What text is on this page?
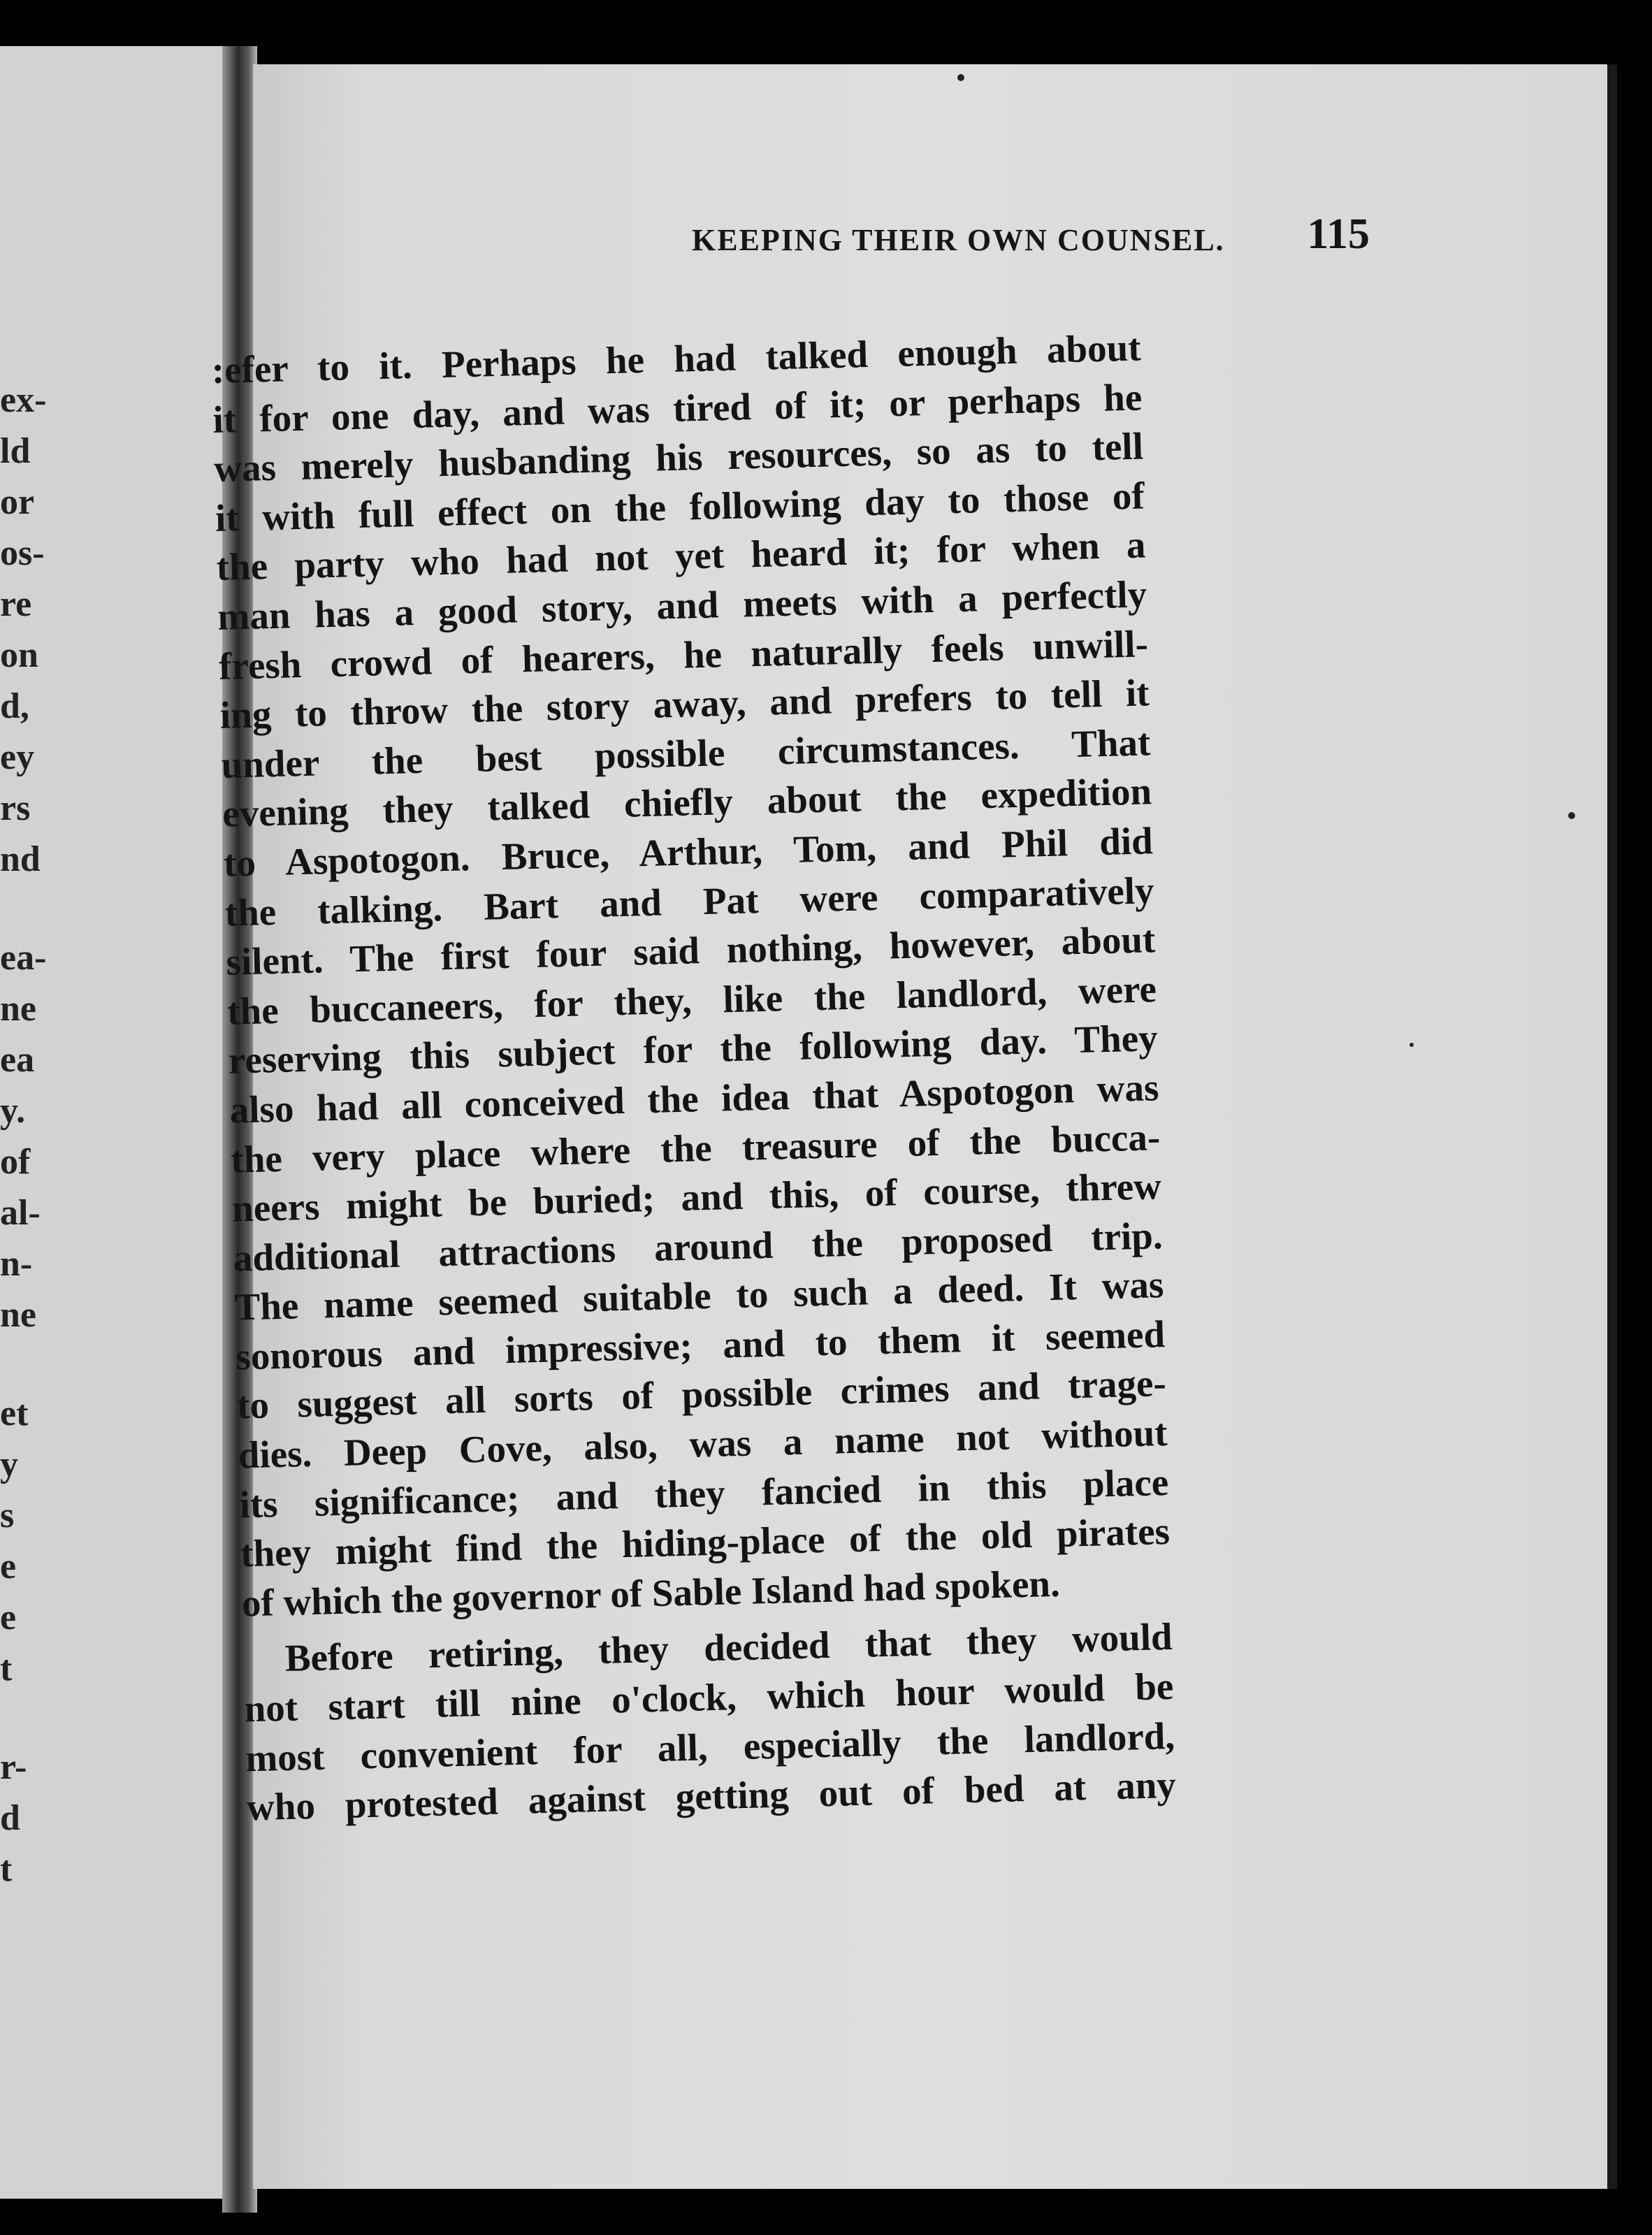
ex-
ld
or
os-
re
on
d,
ey
rs
nd
ea-
ne
ea
y.
of
al-
n-
ne
et
y
s
e
e
t
r-
d
t
KEEPING THEIR OWN COUNSEL. 115
:efer to it. Perhaps he had talked enough about
it for one day, and was tired of it; or perhaps he
was merely husbanding his resources, so as to tell
it with full effect on the following day to those of
the party who had not yet heard it; for when a
man has a good story, and meets with a perfectly
fresh crowd of hearers, he naturally feels unwill-
ing to throw the story away, and prefers to tell it
under the best possible circumstances. That
evening they talked chiefly about the expedition
to Aspotogon. Bruce, Arthur, Tom, and Phil did
the talking. Bart and Pat were comparatively
silent. The first four said nothing, however, about
the buccaneers, for they, like the landlord, were
reserving this subject for the following day. They
also had all conceived the idea that Aspotogon was
the very place where the treasure of the bucca-
neers might be buried; and this, of course, threw
additional attractions around the proposed trip.
The name seemed suitable to such a deed. It was
sonorous and impressive; and to them it seemed
to suggest all sorts of possible crimes and trage-
dies. Deep Cove, also, was a name not without
its significance; and they fancied in this place
they might find the hiding-place of the old pirates
of which the governor of Sable Island had spoken.
Before retiring, they decided that they would
not start till nine o'clock, which hour would be
most convenient for all, especially the landlord,
who protested against getting out of bed at any
